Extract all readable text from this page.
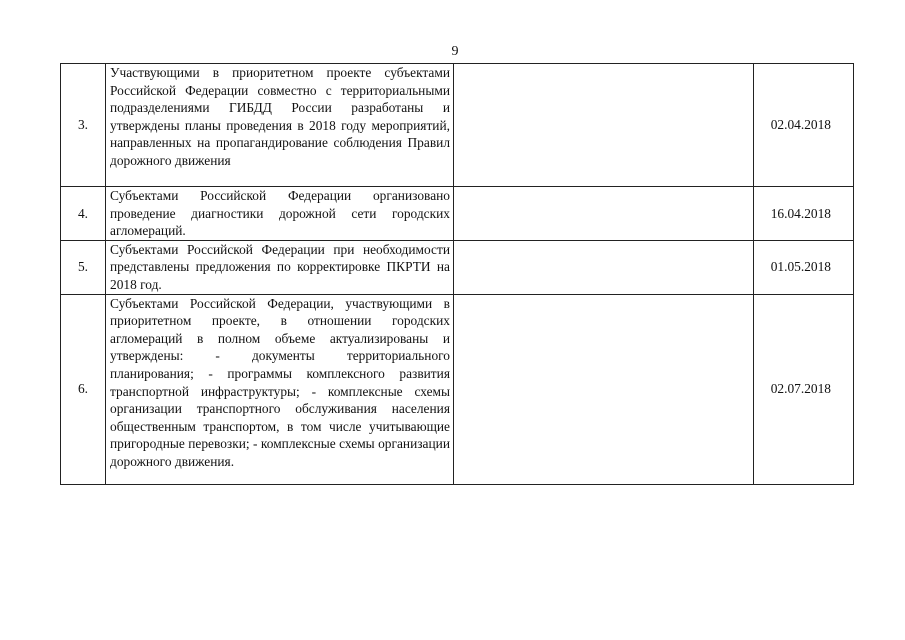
9
3.	Участвующими в приоритетном проекте субъектами Российской Федерации совместно с территориальными подразделениями ГИБДД России разработаны и утверждены планы проведения в 2018 году мероприятий, направленных на пропагандирование соблюдения Правил дорожного движения		02.04.2018
4.	Субъектами Российской Федерации организовано проведение диагностики дорожной сети городских агломераций.		16.04.2018
5.	Субъектами Российской Федерации при необходимости представлены предложения по корректировке ПКРТИ на 2018 год.		01.05.2018
6.	Субъектами Российской Федерации, участвующими в приоритетном проекте, в отношении городских агломераций в полном объеме актуализированы и утверждены: - документы территориального планирования; - программы комплексного развития транспортной инфраструктуры; - комплексные схемы организации транспортного обслуживания населения общественным транспортом, в том числе учитывающие пригородные перевозки; - комплексные схемы организации дорожного движения.		02.07.2018
